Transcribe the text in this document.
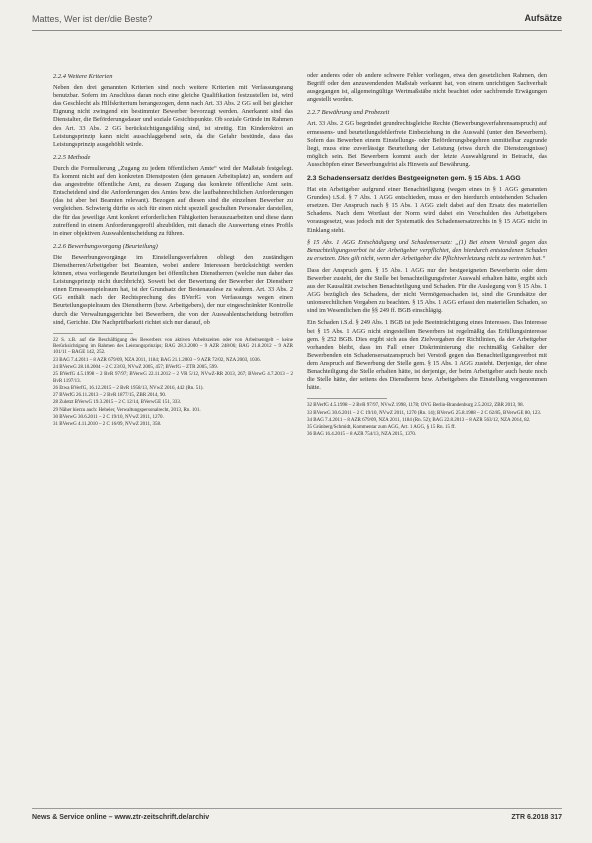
Mattes, Wer ist der/die Beste?	Aufsätze
2.2.4 Weitere Kriterien

Neben den drei genannten Kriterien sind noch weitere Kriterien mit Verfassungsrang benutzbar. Sofern im Anschluss daran noch eine gleiche Qualifikation festzustellen ist, wird das Geschlecht als Hilfskriterium herangezogen, denn nach Art. 33 Abs. 2 GG soll bei gleicher Eignung nicht zwingend ein bestimmter Bewerber bevorzugt werden. Anerkannt sind das Dienstalter, die Beförderungsdauer und soziale Gesichtspunkte. Ob soziale Gründe im Rahmen des Art. 33 Abs. 2 GG berücksichtigungsfähig sind, ist streitig. Ein Kinderoktroi an Leistungsprinzip kann nicht ausschlaggebend sein, da die Gefahr bestünde, dass das Leistungsprinzip ausgehöhlt würde.

2.2.5 Methode

Durch die Formulierung „Zugang zu jedem öffentlichen Amte“ wird der Maßstab festgelegt. Es kommt nicht auf den konkreten Dienstposten (den genauen Arbeitsplatz) an, sondern auf das angestrebte öffentliche Amt, zu dessen Zugang das konkrete öffentliche Amt sein. Entscheidend sind die Anforderungen des Amtes bzw. die laufbahnrechtlichen Anforderungen (das ist aber bei Beamten relevant). Bezogen auf diesen sind die einzelnen Bewerber zu vergleichen. Schwierig dürfte es sich für einen nicht speziell geschulten Personaler darstellen, die für das jeweilige Amt konkret erforderlichen Fähigkeiten herauszuarbeiten und diese dann zutreffend in einem Anforderungsprofil abzubilden, mit danach die Auswertung eines Profils in einer objektiven Auswahlentscheidung zu führen.

2.2.6 Bewerbungsvorgang (Beurteilung)

Die Bewerbungsvorgänge im Einstellungsverfahren obliegt den zuständigen Dienstherren/Arbeitgeber bei Beamten, wobei andere Interessen berücksichtigt werden können, etwa vorliegende Beurteilungen bei öffentlichen Dienstherren (welche nun daher das Leistungsprinzip nicht durchbricht). Soweit bei der Bewertung der Bewerber der Dienstherr einen Ermessenspielraum hat, ist der Grundsatz der Bestenauslese zu wahren. Art. 33 Abs. 2 GG enthält nach der Rechtsprechung des BVerfG von Verfassungs wegen einen Beurteilungsspielraum des Dienstherrn (bzw. Arbeitgebers), der nur eingeschränkter Kontrolle durch die Verwaltungsgerichte bei Bewerbern, die von der Auswahlentscheidung betroffen sind, Gerichte. Die Nachprüfbarkeit richtet sich nur darauf, ob

22 S. z.B. auf die Beschäftigung des Bewerbers von aktiven Arbeitszeiten oder von Arbeitsentgelt – keine Berücksichtigung im Rahmen des Leistungsprinzips; BAG 28.3.2000 – 9 AZR 248/06; BAG 21.8.2012 – 9 AZR 101/11 – BAGE 142, 252.
23 BAG 7.4.2011 – 8 AZR 679/09, NZA 2011, 1184; BAG 21.1.2003 – 9 AZR 72/02, NZA 2003, 1036.
24 BVerwG 28.10.2004 – 2 C 23/03, NVwZ 2005, 457; BVerfG – ZTR 2005, 599.
25 BVerfG 4.5.1998 – 2 BvR 97/97; BVerwG 22.11.2012 – 2 VR 5/12, NVwZ-RR 2013, 267; BVerwG 4.7.2013 – 2 BvR 1197/13.
26 Etwa BVerfG, 16.12.2015 – 2 BvR 1958/13, NVwZ 2016, 442 (Rn. 51).
27 BVerfG 26.11.2013 – 2 BvR 1877/15, ZBR 2014, 90.
28 Zuletzt BVerwG 19.3.2015 – 2 C 12/14, BVerwGE 151, 333.
29 Näher hierzu auch: Hebeler, Verwaltungspersonalrecht, 2013, Rn. 101.
30 BVerwG 30.6.2011 – 2 C 19/10, NVwZ 2011, 1270.
31 BVerwG 4.11.2010 – 2 C 16/09, NVwZ 2011, 358.

oder anderes oder ob andere schwere Fehler vorliegen, etwa den gesetzlichen Rahmen, den Begriff oder den anzuwendenden Maßstab verkannt hat, von einem unrichtigen Sachverhalt ausgegangen ist, allgemeingültige Wertmaßstäbe nicht beachtet oder sachfremde Erwägungen angestellt worden.

2.2.7 Bewährung und Probezeit

Art. 33 Abs. 2 GG begründet grundrechtsgleiche Rechte (Bewerbungsverfahrensanspruch) auf ermessens- und beurteilungsfehlerfreie Einbeziehung in die Auswahl (unter den Bewerbern). Sofern das Bewerben einem Einstellungs- oder Beförderungsbegehren unmittelbar zugrunde liegt, muss eine zuverlässige Beurteilung der Leistung (etwa durch die Dienstzeugnisse) möglich sein. Bei Bewerbern kommt auch der letzte Auswahlgrund in Betracht, das Ausschöpfen einer Bewerbungsfrist als Hinweis auf Bewährung.

2.3 Schadensersatz der/des Bestgeeigneten gem. § 15 Abs. 1 AGG

Hat ein Arbeitgeber aufgrund einer Benachteiligung (wegen eines in § 1 AGG genannten Grundes) i.S.d. § 7 Abs. 1 AGG entschieden, muss er den hierdurch entstehenden Schaden ersetzen. Der Anspruch nach § 15 Abs. 1 AGG zielt dabei auf den Ersatz des materiellen Schadens. Nach dem Wortlaut der Norm wird dabei ein Verschulden des Arbeitgebers vorausgesetzt, was jedoch mit der Systematik des Schadensersatzrechts in § 15 AGG nicht in Einklang steht.

§ 15 Abs. 1 AGG Entschädigung und Schadensersatz: „(1) Bei einem Verstoß gegen das Benachteiligungsverbot ist der Arbeitgeber verpflichtet, den hierdurch entstandenen Schaden zu ersetzen. Dies gilt nicht, wenn der Arbeitgeber die Pflichtverletzung nicht zu vertreten hat.“

Dass der Anspruch gem. § 15 Abs. 1 AGG nur der bestgeeigneten Bewerberin oder dem Bewerber zusteht, der die Stelle bei benachteiligungsfreier Auswahl erhalten hätte, ergibt sich aus der Kausalität zwischen Benachteiligung und Schaden. Für die Auslegung von § 15 Abs. 1 AGG bezüglich des Schadens, der nicht Vermögensschaden ist, sind die Grundsätze der unionsrechtlichen Vorgaben zu beachten. § 15 Abs. 1 AGG erfasst den materiellen Schaden, so sind im Wesentlichen die §§ 249 ff. BGB einschlägig.

Ein Schaden i.S.d. § 249 Abs. 1 BGB ist jede Beeinträchtigung eines Interesses. Das Interesse bei § 15 Abs. 1 AGG nicht eingestellten Bewerbers ist regelmäßig das Erfüllungsinteresse gem. § 252 BGB. Dies ergibt sich aus den Zielvorgaben der Richtlinien, da der Arbeitgeber vorhanden bleibt, dass im Fall einer Diskriminierung die rechtmäßig Gehälter der Bewerbenden ein Schadensersatzanspruch bei Verstoß gegen das Benachteiligungsverbot mit dem Anspruch auf Bewerbung der Stelle gem. § 15 Abs. 1 AGG zusteht. Derjenige, der ohne Benachteiligung die Stelle erhalten hätte, ist derjenige, der beim Arbeitgeber auch heute noch die Stelle hätte, der seitens des Dienstherrn bzw. Arbeitgebers die Einstellung vorgenommen hätte.

32 BVerfG 4.5.1998 – 2 BvR 97/97, NVwZ 1998, 1178; OVG Berlin-Brandenburg 2.5.2012, ZBR 2013, 98.
33 BVerwG 30.6.2011 – 2 C 19/10, NVwZ 2011, 1270 (Rn. 14); BVerwG 25.8.1988 – 2 C 62/85, BVerwGE 80, 123.
34 BAG 7.4.2011 – 8 AZR 679/09, NZA 2011, 1184 (Rn. 52); BAG 22.8.2013 – 8 AZR 563/12, NZA 2014, 82.
35 Grünberg/Schmidt, Kommentar zum AGG, Art. 1 AGG, § 15 Rn. 15 ff.
36 BAG 16.4.2015 – 8 AZR 754/13, NZA 2015, 1370.
News & Service online – www.ztr-zeitschrift.de/archiv	ZTR 6.2018 317
